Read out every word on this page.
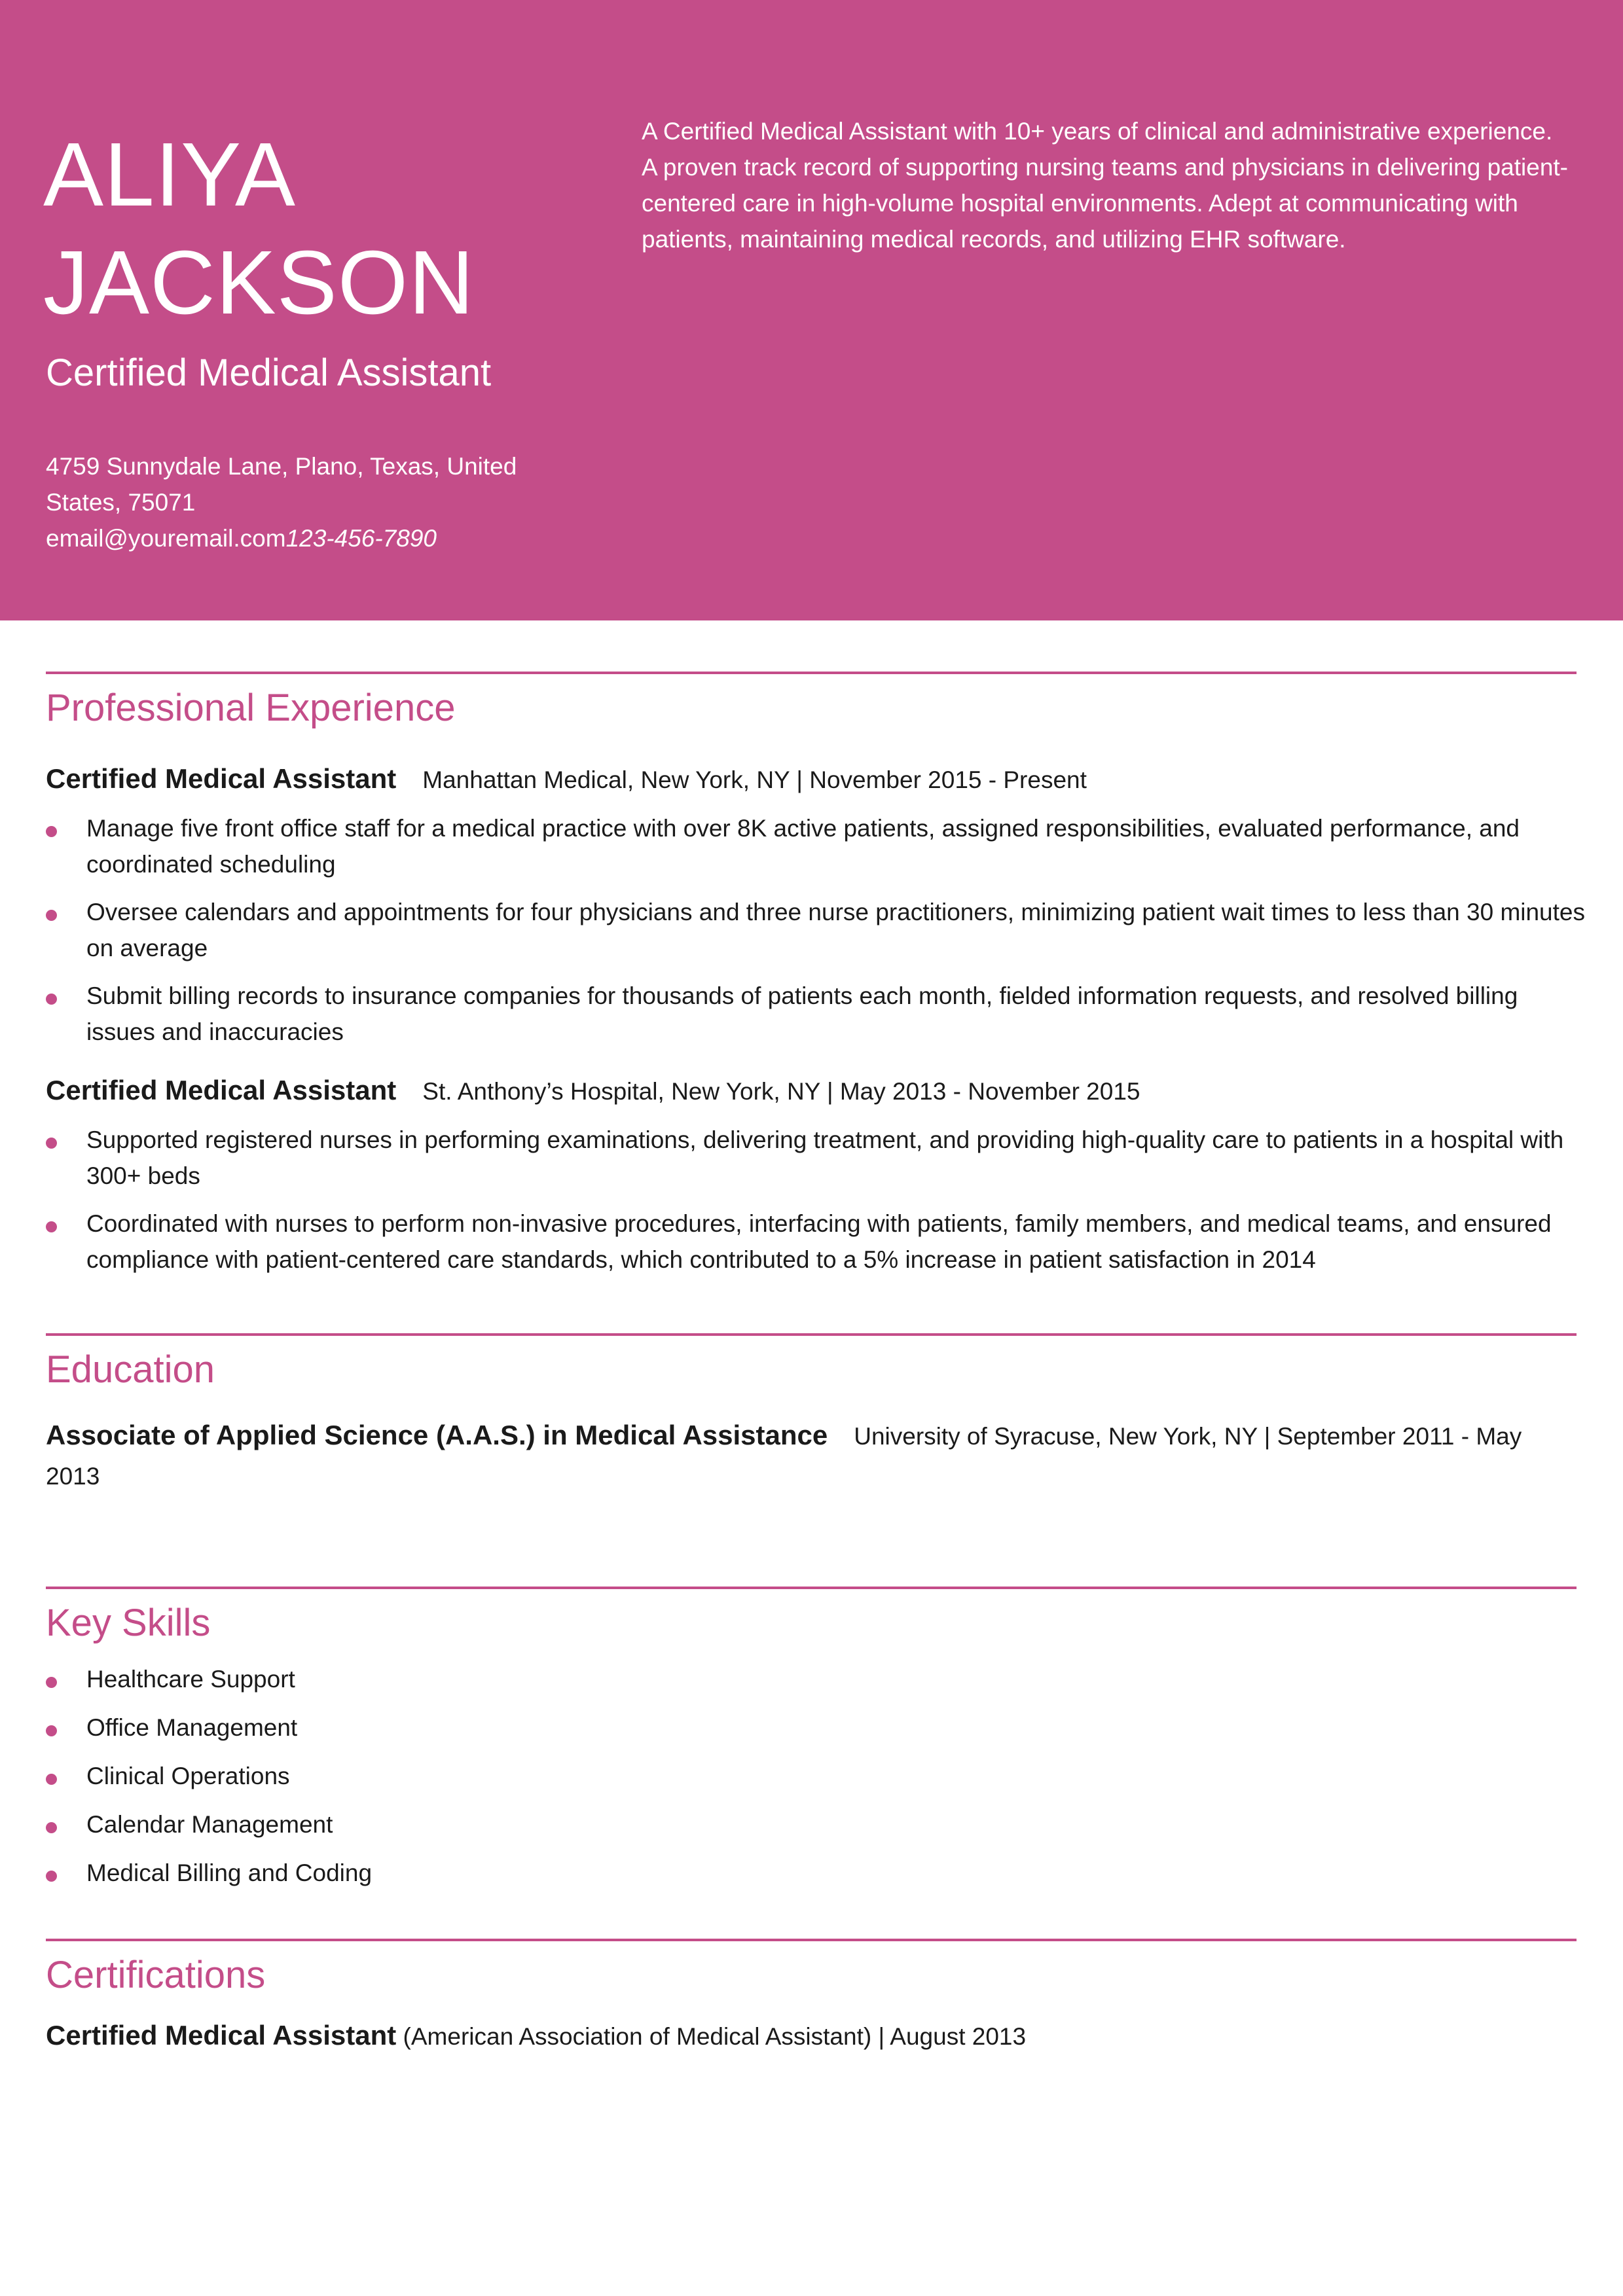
ALIYA
JACKSON
Certified Medical Assistant
4759 Sunnydale Lane, Plano, Texas, United States, 75071
email@youremail.com123-456-7890
A Certified Medical Assistant with 10+ years of clinical and administrative experience. A proven track record of supporting nursing teams and physicians in delivering patient-centered care in high-volume hospital environments. Adept at communicating with patients, maintaining medical records, and utilizing EHR software.
Professional Experience
Certified Medical Assistant Manhattan Medical, New York, NY | November 2015 - Present
Manage five front office staff for a medical practice with over 8K active patients, assigned responsibilities, evaluated performance, and coordinated scheduling
Oversee calendars and appointments for four physicians and three nurse practitioners, minimizing patient wait times to less than 30 minutes on average
Submit billing records to insurance companies for thousands of patients each month, fielded information requests, and resolved billing issues and inaccuracies
Certified Medical Assistant St. Anthony’s Hospital, New York, NY | May 2013 - November 2015
Supported registered nurses in performing examinations, delivering treatment, and providing high-quality care to patients in a hospital with 300+ beds
Coordinated with nurses to perform non-invasive procedures, interfacing with patients, family members, and medical teams, and ensured compliance with patient-centered care standards, which contributed to a 5% increase in patient satisfaction in 2014
Education
Associate of Applied Science (A.A.S.) in Medical Assistance University of Syracuse, New York, NY | September 2011 - May 2013
Key Skills
Healthcare Support
Office Management
Clinical Operations
Calendar Management
Medical Billing and Coding
Certifications
Certified Medical Assistant (American Association of Medical Assistant) | August 2013
